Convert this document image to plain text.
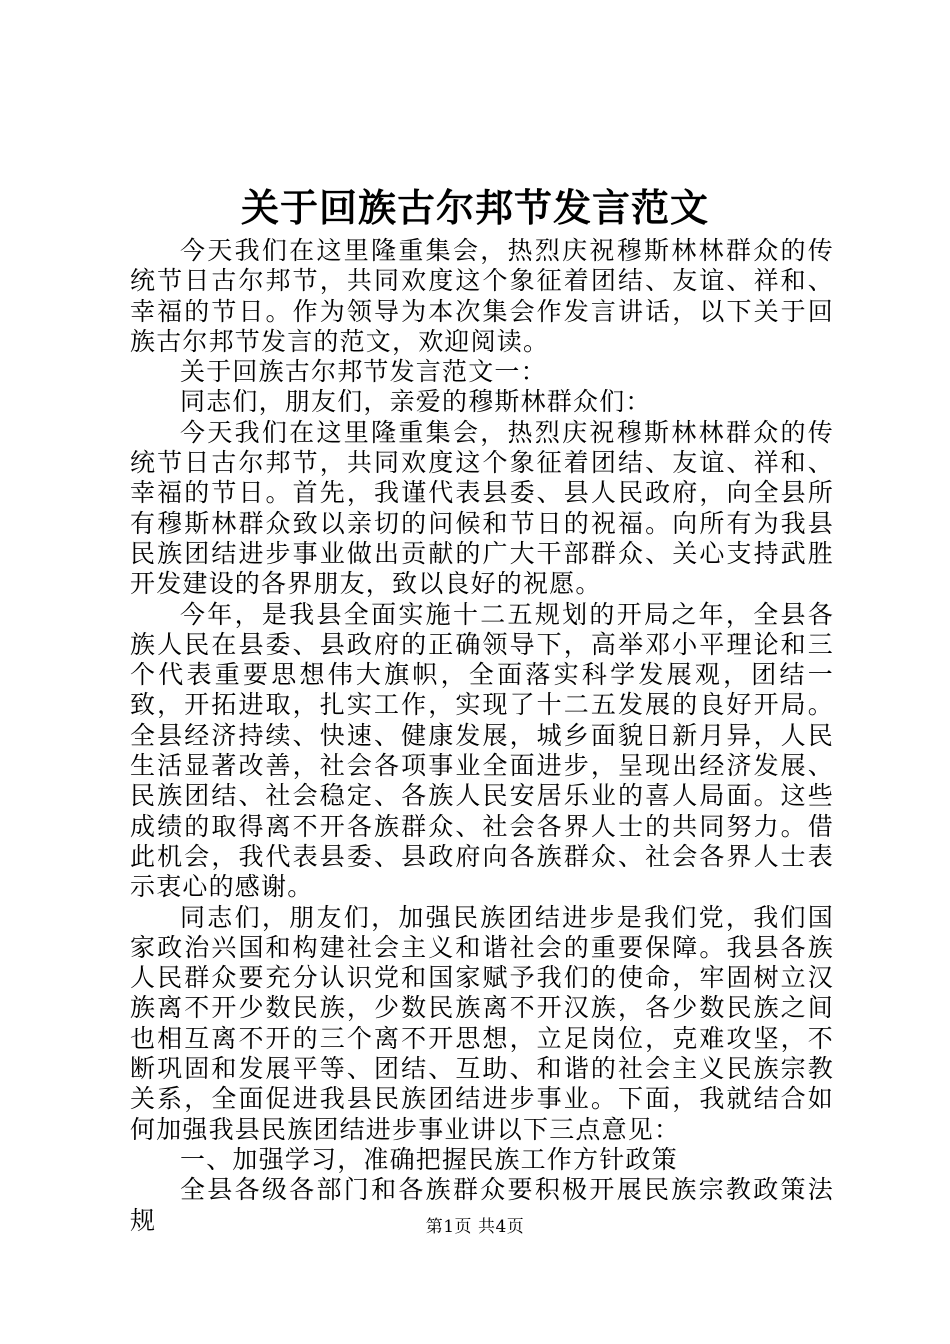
关于回族古尔邦节发言范文

今天我们在这里隆重集会，热烈庆祝穆斯林林群众的传统节日古尔邦节，共同欢度这个象征着团结、友谊、祥和、幸福的节日。作为领导为本次集会作发言讲话，以下关于回族古尔邦节发言的范文，欢迎阅读。

关于回族古尔邦节发言范文一：

同志们，朋友们，亲爱的穆斯林群众们：

今天我们在这里隆重集会，热烈庆祝穆斯林林群众的传统节日古尔邦节，共同欢度这个象征着团结、友谊、祥和、幸福的节日。首先，我谨代表县委、县人民政府，向全县所有穆斯林群众致以亲切的问候和节日的祝福。向所有为我县民族团结进步事业做出贡献的广大干部群众、关心支持武胜开发建设的各界朋友，致以良好的祝愿。

今年，是我县全面实施十二五规划的开局之年，全县各族人民在县委、县政府的正确领导下，高举邓小平理论和三个代表重要思想伟大旗帜，全面落实科学发展观，团结一致，开拓进取，扎实工作，实现了十二五发展的良好开局。全县经济持续、快速、健康发展，城乡面貌日新月异，人民生活显著改善，社会各项事业全面进步，呈现出经济发展、民族团结、社会稳定、各族人民安居乐业的喜人局面。这些成绩的取得离不开各族群众、社会各界人士的共同努力。借此机会，我代表县委、县政府向各族群众、社会各界人士表示衷心的感谢。

同志们，朋友们，加强民族团结进步是我们党，我们国家政治兴国和构建社会主义和谐社会的重要保障。我县各族人民群众要充分认识党和国家赋予我们的使命，牢固树立汉族离不开少数民族，少数民族离不开汉族，各少数民族之间也相互离不开的三个离不开思想，立足岗位，克难攻坚，不断巩固和发展平等、团结、互助、和谐的社会主义民族宗教关系，全面促进我县民族团结进步事业。下面，我就结合如何加强我县民族团结进步事业讲以下三点意见：

一、加强学习，准确把握民族工作方针政策

全县各级各部门和各族群众要积极开展民族宗教政策法规	第1页 共4页
